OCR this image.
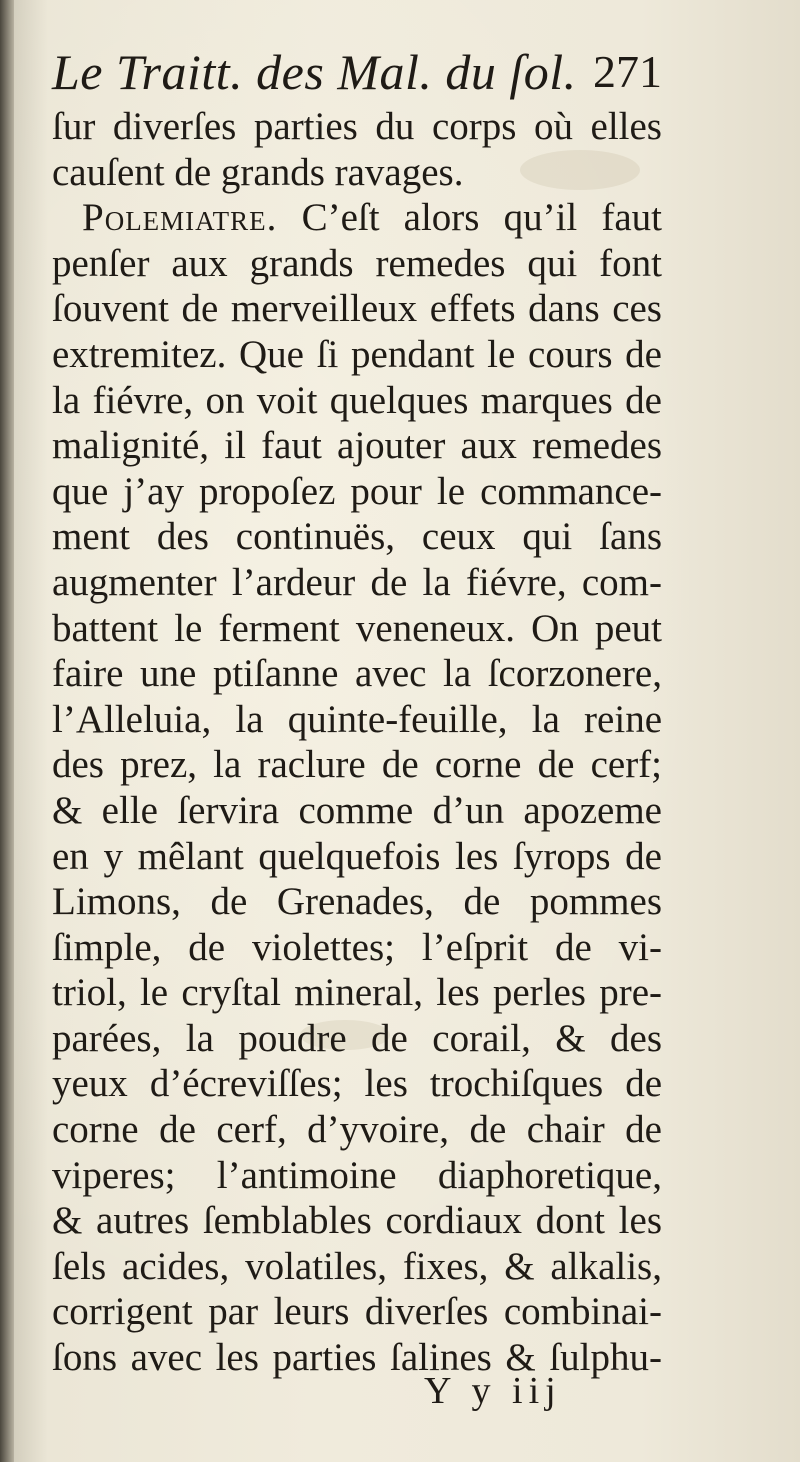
Le Traitt. des Mal. du ſol. 271
ſur diverſes parties du corps où elles
cauſent de grands ravages.
Polemiatre. C’eſt alors qu’il faut
penſer aux grands remedes qui font
ſouvent de merveilleux effets dans ces
extremitez. Que ſi pendant le cours de
la fiévre, on voit quelques marques de
malignité, il faut ajouter aux remedes
que j’ay propoſez pour le commance-
ment des continuës, ceux qui ſans
augmenter l’ardeur de la fiévre, com-
battent le ferment veneneux. On peut
faire une ptiſanne avec la ſcorzonere,
l’Alleluia, la quinte-feuille, la reine
des prez, la raclure de corne de cerf;
& elle ſervira comme d’un apozeme
en y mêlant quelquefois les ſyrops de
Limons, de Grenades, de pommes
ſimple, de violettes; l’eſprit de vi-
triol, le cryſtal mineral, les perles pre-
parées, la poudre de corail, & des
yeux d’écreviſſes; les trochiſques de
corne de cerf, d’yvoire, de chair de
viperes; l’antimoine diaphoretique,
& autres ſemblables cordiaux dont les
ſels acides, volatiles, fixes, & alkalis,
corrigent par leurs diverſes combinai-
ſons avec les parties ſalines & ſulphu-
Y y iij
